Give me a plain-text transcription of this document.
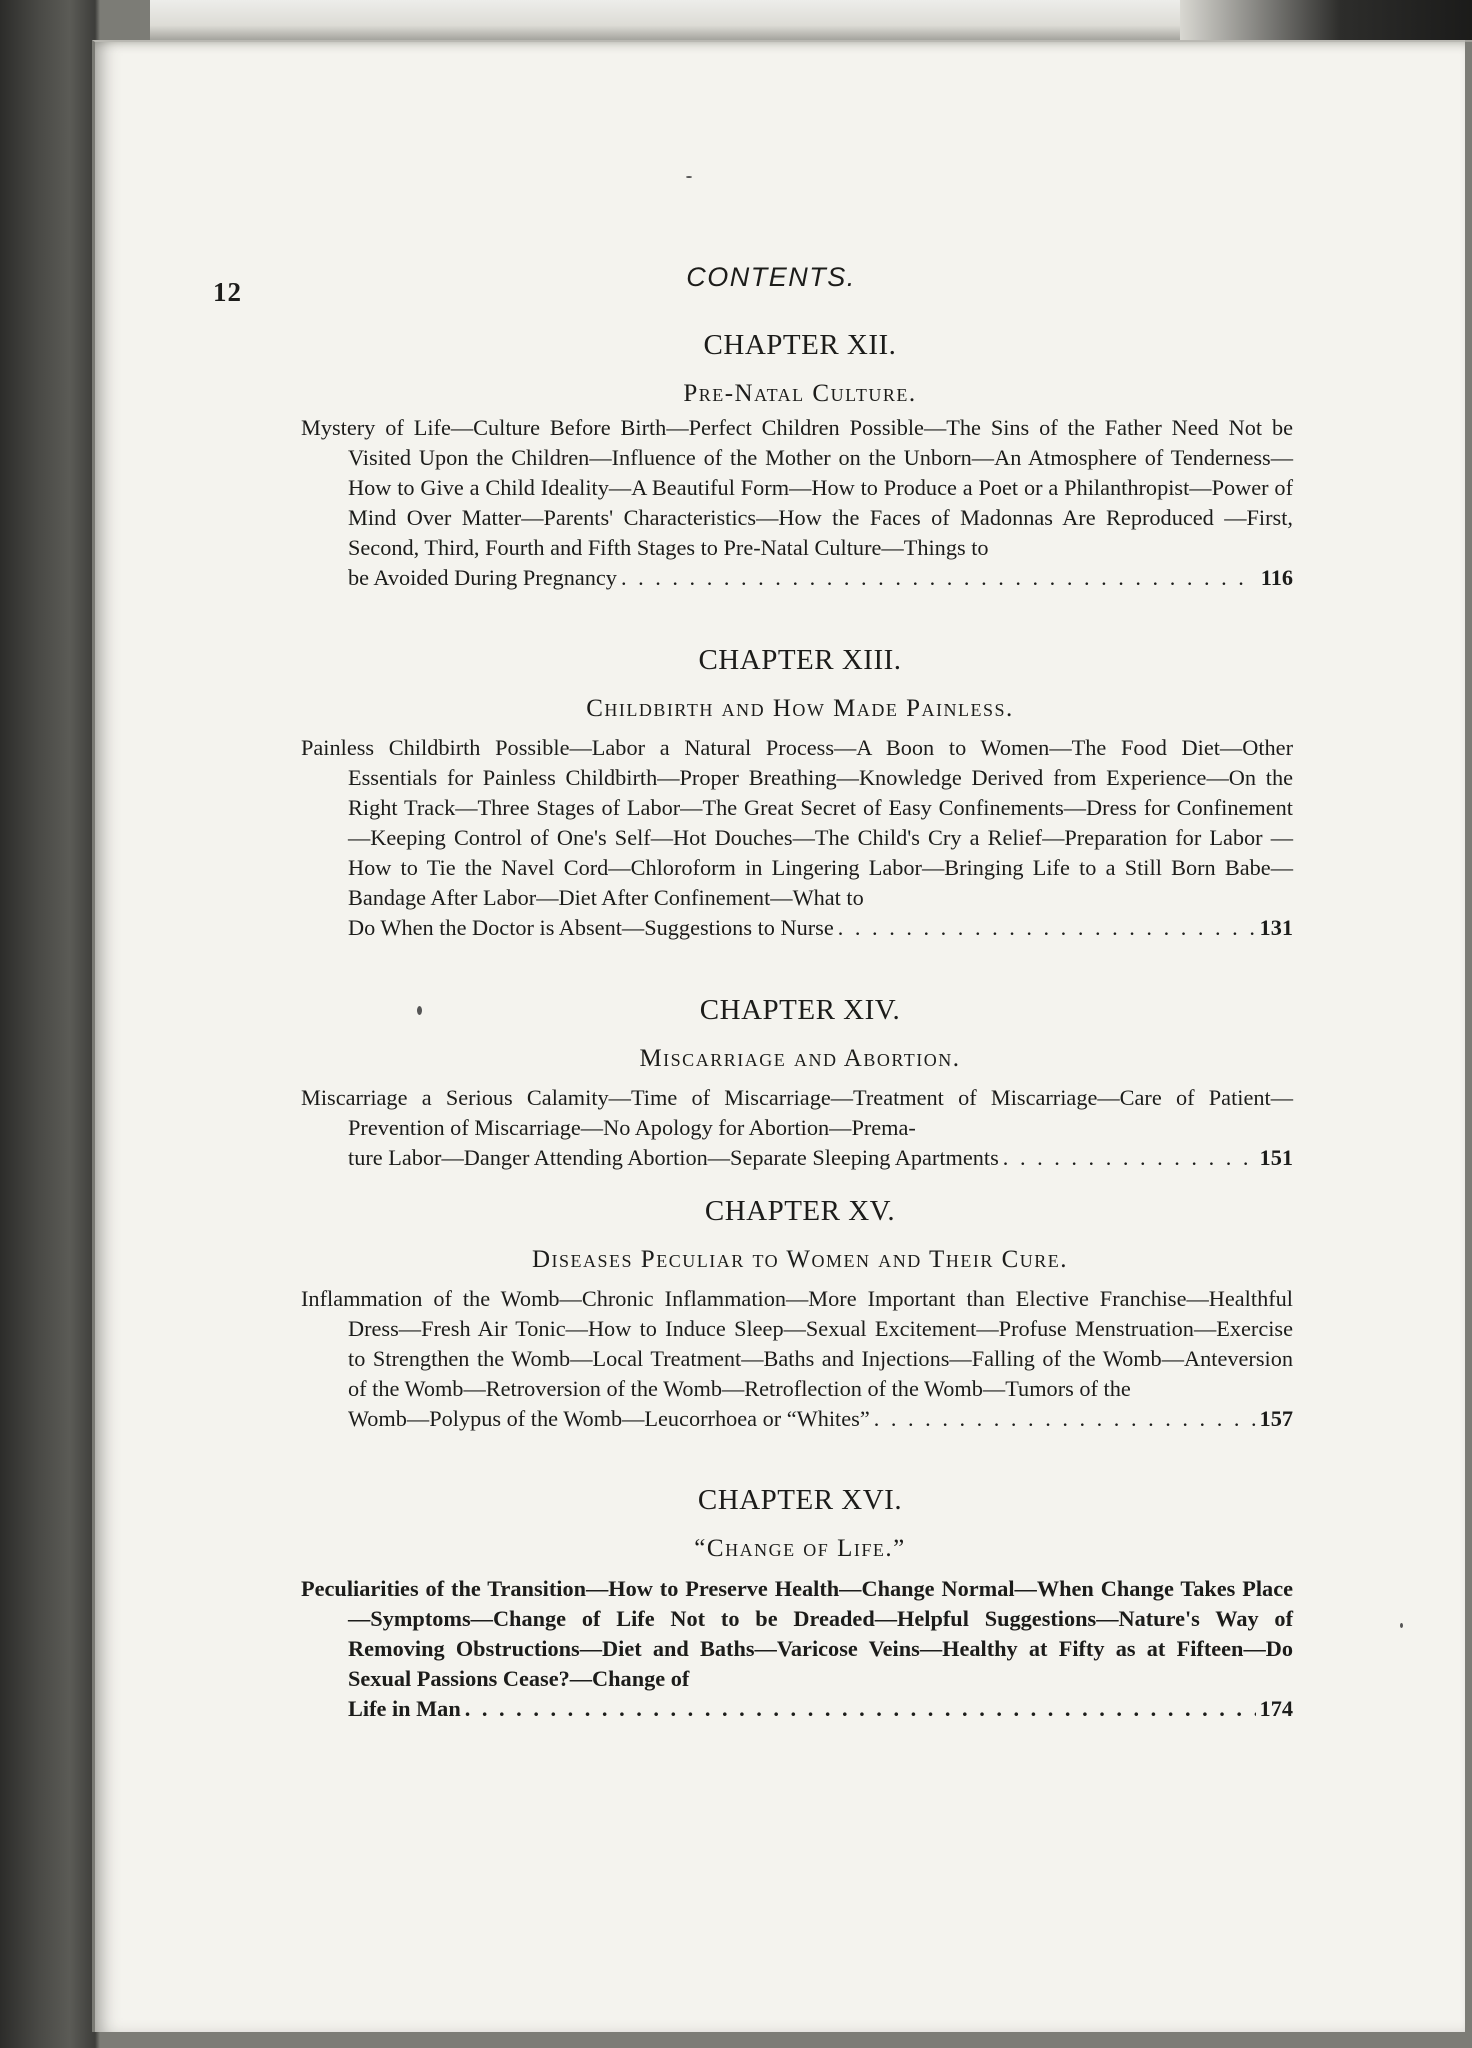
12	CONTENTS.
CHAPTER XII.
Pre-Natal Culture.
Mystery of Life—Culture Before Birth—Perfect Children Possible—The Sins of the Father Need Not be Visited Upon the Children—Influence of the Mother on the Unborn—An Atmosphere of Tenderness—How to Give a Child Ideality—A Beautiful Form—How to Produce a Poet or a Philanthropist—Power of Mind Over Matter—Parents' Characteristics—How the Faces of Madonnas Are Reproduced —First, Second, Third, Fourth and Fifth Stages to Pre-Natal Culture—Things to
be Avoided During Pregnancy . . .	116
CHAPTER XIII.
Childbirth and How Made Painless.
Painless Childbirth Possible—Labor a Natural Process—A Boon to Women—The Food Diet—Other Essentials for Painless Childbirth—Proper Breathing—Knowledge Derived from Experience—On the Right Track—Three Stages of Labor—The Great Secret of Easy Confinements—Dress for Confinement—Keeping Control of One's Self—Hot Douches—The Child's Cry a Relief—Preparation for Labor —How to Tie the Navel Cord—Chloroform in Lingering Labor—Bringing Life to a Still Born Babe—Bandage After Labor—Diet After Confinement—What to
Do When the Doctor is Absent—Suggestions to Nurse . . .	131
CHAPTER XIV.
Miscarriage and Abortion.
Miscarriage a Serious Calamity—Time of Miscarriage—Treatment of Miscarriage—Care of Patient—Prevention of Miscarriage—No Apology for Abortion—Prema-
ture Labor—Danger Attending Abortion—Separate Sleeping Apartments . . .	151
CHAPTER XV.
Diseases Peculiar to Women and Their Cure.
Inflammation of the Womb—Chronic Inflammation—More Important than Elective Franchise—Healthful Dress—Fresh Air Tonic—How to Induce Sleep—Sexual Excitement—Profuse Menstruation—Exercise to Strengthen the Womb—Local Treatment—Baths and Injections—Falling of the Womb—Anteversion of the Womb—Retroversion of the Womb—Retroflection of the Womb—Tumors of the
Womb—Polypus of the Womb—Leucorrhoea or “Whites” . . .	157
CHAPTER XVI.
“Change of Life.”
Peculiarities of the Transition—How to Preserve Health—Change Normal—When Change Takes Place—Symptoms—Change of Life Not to be Dreaded—Helpful Suggestions—Nature's Way of Removing Obstructions—Diet and Baths—Varicose Veins—Healthy at Fifty as at Fifteen—Do Sexual Passions Cease?—Change of
Life in Man . . .	174
